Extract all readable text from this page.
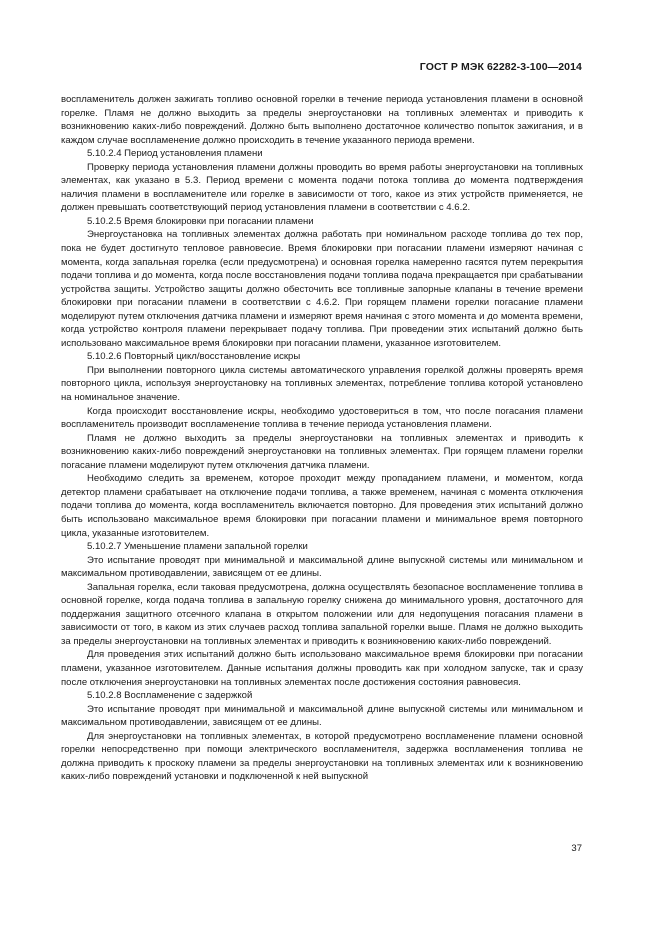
ГОСТ Р МЭК 62282-3-100—2014

воспламенитель должен зажигать топливо основной горелки в течение периода установления пламени в основной горелке. Пламя не должно выходить за пределы энергоустановки на топливных элементах и приводить к возникновению каких-либо повреждений. Должно быть выполнено достаточное количество попыток зажигания, и в каждом случае воспламенение должно происходить в течение указанного периода времени.

5.10.2.4 Период установления пламени

Проверку периода установления пламени должны проводить во время работы энергоустановки на топливных элементах, как указано в 5.3. Период времени с момента подачи потока топлива до момента подтверждения наличия пламени в воспламенителе или горелке в зависимости от того, какое из этих устройств применяется, не должен превышать соответствующий период установления пламени в соответствии с 4.6.2.

5.10.2.5 Время блокировки при погасании пламени

Энергоустановка на топливных элементах должна работать при номинальном расходе топлива до тех пор, пока не будет достигнуто тепловое равновесие. Время блокировки при погасании пламени измеряют начиная с момента, когда запальная горелка (если предусмотрена) и основная горелка намеренно гасятся путем перекрытия подачи топлива и до момента, когда после восстановления подачи топлива подача прекращается при срабатывании устройства защиты. Устройство защиты должно обесточить все топливные запорные клапаны в течение времени блокировки при погасании пламени в соответствии с 4.6.2. При горящем пламени горелки погасание пламени моделируют путем отключения датчика пламени и измеряют время начиная с этого момента и до момента времени, когда устройство контроля пламени перекрывает подачу топлива. При проведении этих испытаний должно быть использовано максимальное время блокировки при погасании пламени, указанное изготовителем.

5.10.2.6 Повторный цикл/восстановление искры

При выполнении повторного цикла системы автоматического управления горелкой должны проверять время повторного цикла, используя энергоустановку на топливных элементах, потребление топлива которой установлено на номинальное значение.

Когда происходит восстановление искры, необходимо удостовериться в том, что после погасания пламени воспламенитель производит воспламенение топлива в течение периода установления пламени.

Пламя не должно выходить за пределы энергоустановки на топливных элементах и приводить к возникновению каких-либо повреждений энергоустановки на топливных элементах. При горящем пламени горелки погасание пламени моделируют путем отключения датчика пламени.

Необходимо следить за временем, которое проходит между пропаданием пламени, и моментом, когда детектор пламени срабатывает на отключение подачи топлива, а также временем, начиная с момента отключения подачи топлива до момента, когда воспламенитель включается повторно. Для проведения этих испытаний должно быть использовано максимальное время блокировки при погасании пламени и минимальное время повторного цикла, указанные изготовителем.

5.10.2.7 Уменьшение пламени запальной горелки

Это испытание проводят при минимальной и максимальной длине выпускной системы или минимальном и максимальном противодавлении, зависящем от ее длины.

Запальная горелка, если таковая предусмотрена, должна осуществлять безопасное воспламенение топлива в основной горелке, когда подача топлива в запальную горелку снижена до минимального уровня, достаточного для поддержания защитного отсечного клапана в открытом положении или для недопущения погасания пламени в зависимости от того, в каком из этих случаев расход топлива запальной горелки выше. Пламя не должно выходить за пределы энергоустановки на топливных элементах и приводить к возникновению каких-либо повреждений.

Для проведения этих испытаний должно быть использовано максимальное время блокировки при погасании пламени, указанное изготовителем. Данные испытания должны проводить как при холодном запуске, так и сразу после отключения энергоустановки на топливных элементах после достижения состояния равновесия.

5.10.2.8 Воспламенение с задержкой

Это испытание проводят при минимальной и максимальной длине выпускной системы или минимальном и максимальном противодавлении, зависящем от ее длины.

Для энергоустановки на топливных элементах, в которой предусмотрено воспламенение пламени основной горелки непосредственно при помощи электрического воспламенителя, задержка воспламенения топлива не должна приводить к проскоку пламени за пределы энергоустановки на топливных элементах или к возникновению каких-либо повреждений установки и подключенной к ней выпускной

37
